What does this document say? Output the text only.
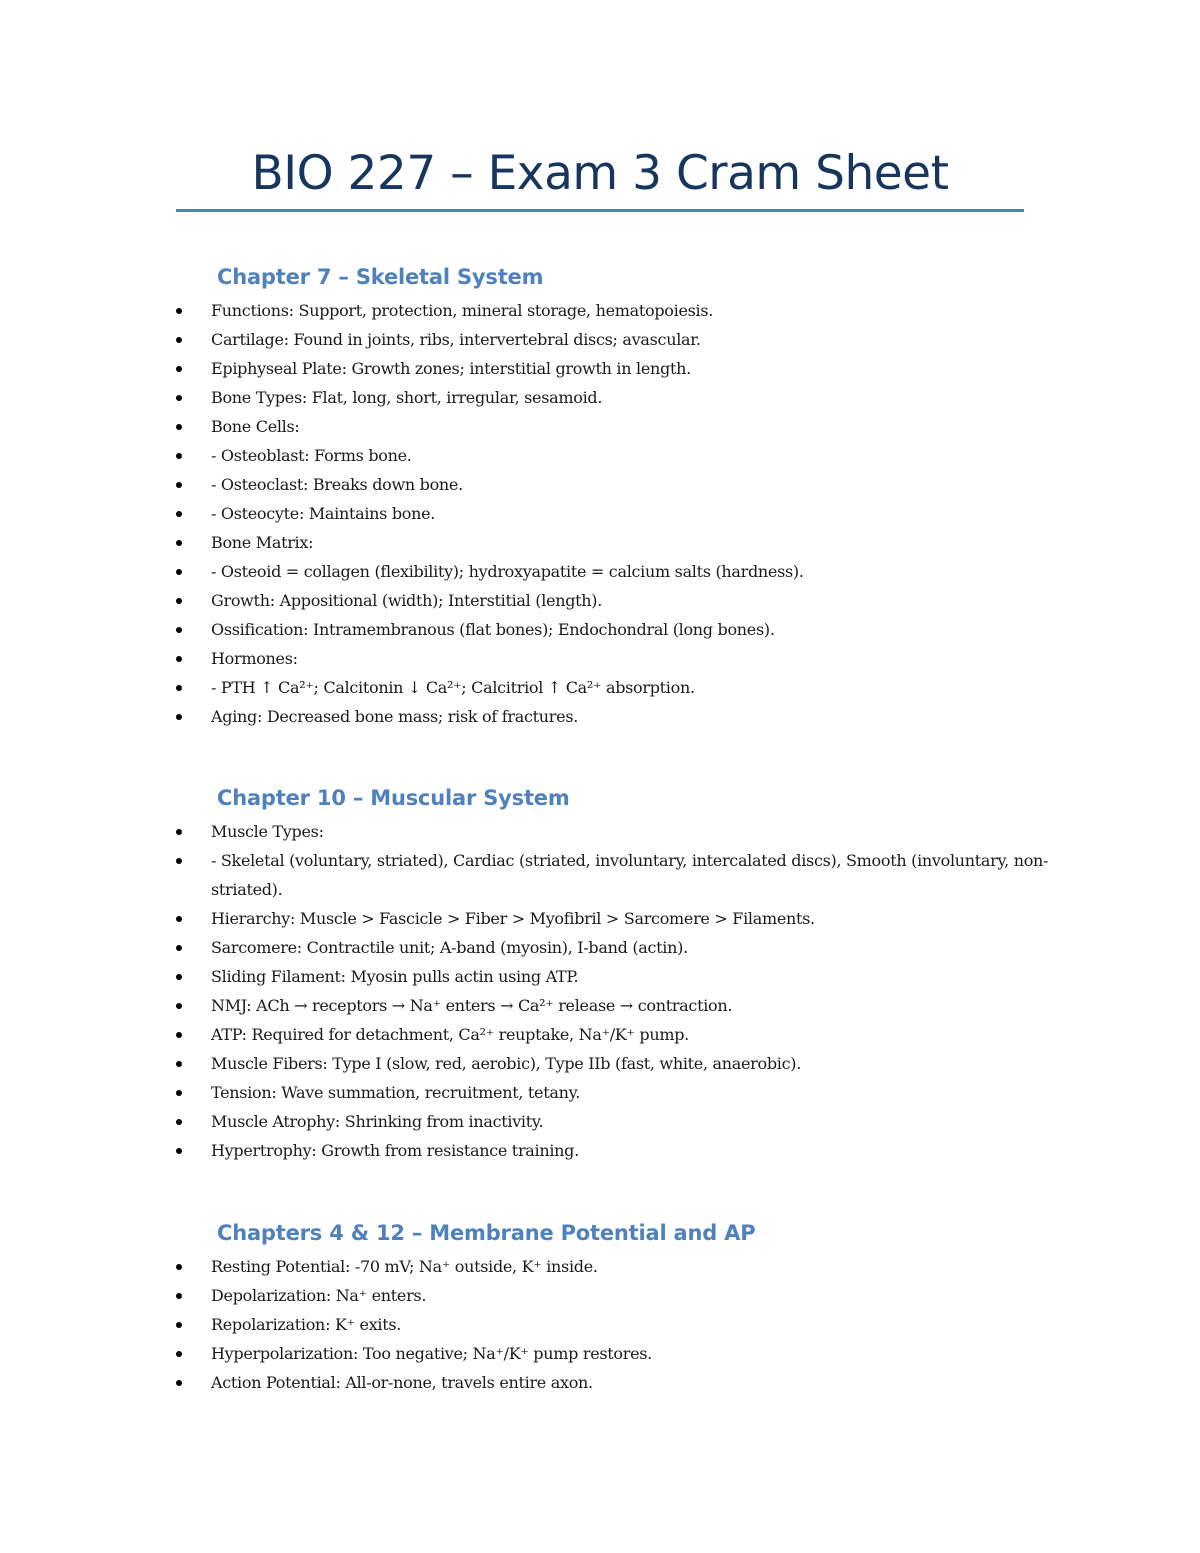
BIO 227 – Exam 3 Cram Sheet
Chapter 7 – Skeletal System
Functions: Support, protection, mineral storage, hematopoiesis.
Cartilage: Found in joints, ribs, intervertebral discs; avascular.
Epiphyseal Plate: Growth zones; interstitial growth in length.
Bone Types: Flat, long, short, irregular, sesamoid.
Bone Cells:
- Osteoblast: Forms bone.
- Osteoclast: Breaks down bone.
- Osteocyte: Maintains bone.
Bone Matrix:
- Osteoid = collagen (flexibility); hydroxyapatite = calcium salts (hardness).
Growth: Appositional (width); Interstitial (length).
Ossification: Intramembranous (flat bones); Endochondral (long bones).
Hormones:
- PTH ↑ Ca²⁺; Calcitonin ↓ Ca²⁺; Calcitriol ↑ Ca²⁺ absorption.
Aging: Decreased bone mass; risk of fractures.
Chapter 10 – Muscular System
Muscle Types:
- Skeletal (voluntary, striated), Cardiac (striated, involuntary, intercalated discs), Smooth (involuntary, non-striated).
Hierarchy: Muscle > Fascicle > Fiber > Myofibril > Sarcomere > Filaments.
Sarcomere: Contractile unit; A-band (myosin), I-band (actin).
Sliding Filament: Myosin pulls actin using ATP.
NMJ: ACh → receptors → Na⁺ enters → Ca²⁺ release → contraction.
ATP: Required for detachment, Ca²⁺ reuptake, Na⁺/K⁺ pump.
Muscle Fibers: Type I (slow, red, aerobic), Type IIb (fast, white, anaerobic).
Tension: Wave summation, recruitment, tetany.
Muscle Atrophy: Shrinking from inactivity.
Hypertrophy: Growth from resistance training.
Chapters 4 & 12 – Membrane Potential and AP
Resting Potential: -70 mV; Na⁺ outside, K⁺ inside.
Depolarization: Na⁺ enters.
Repolarization: K⁺ exits.
Hyperpolarization: Too negative; Na⁺/K⁺ pump restores.
Action Potential: All-or-none, travels entire axon.
